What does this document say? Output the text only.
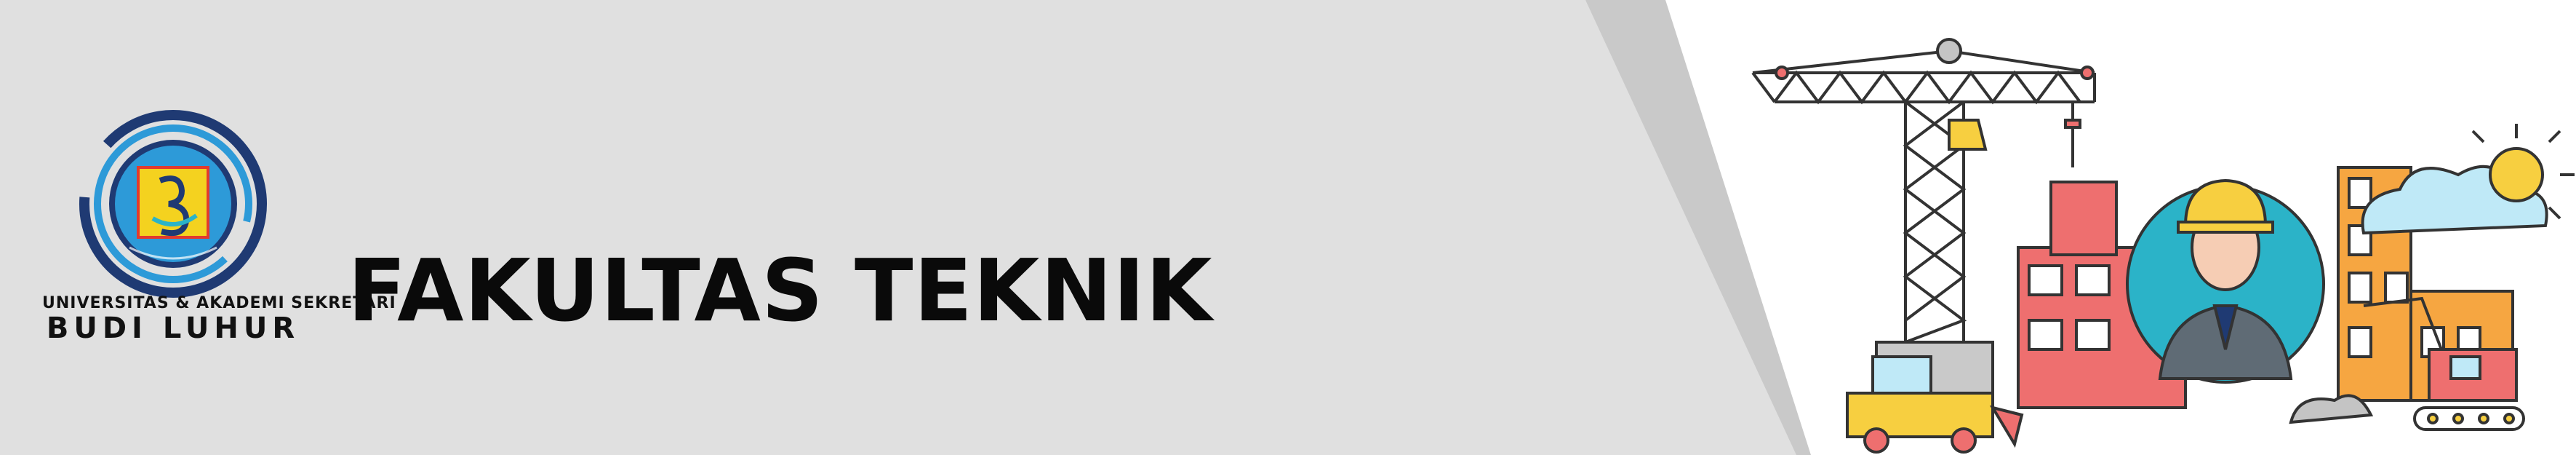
UNIVERSITAS & AKADEMI SEKRETARI
BUDI LUHUR FAKULTAS TEKNIK
